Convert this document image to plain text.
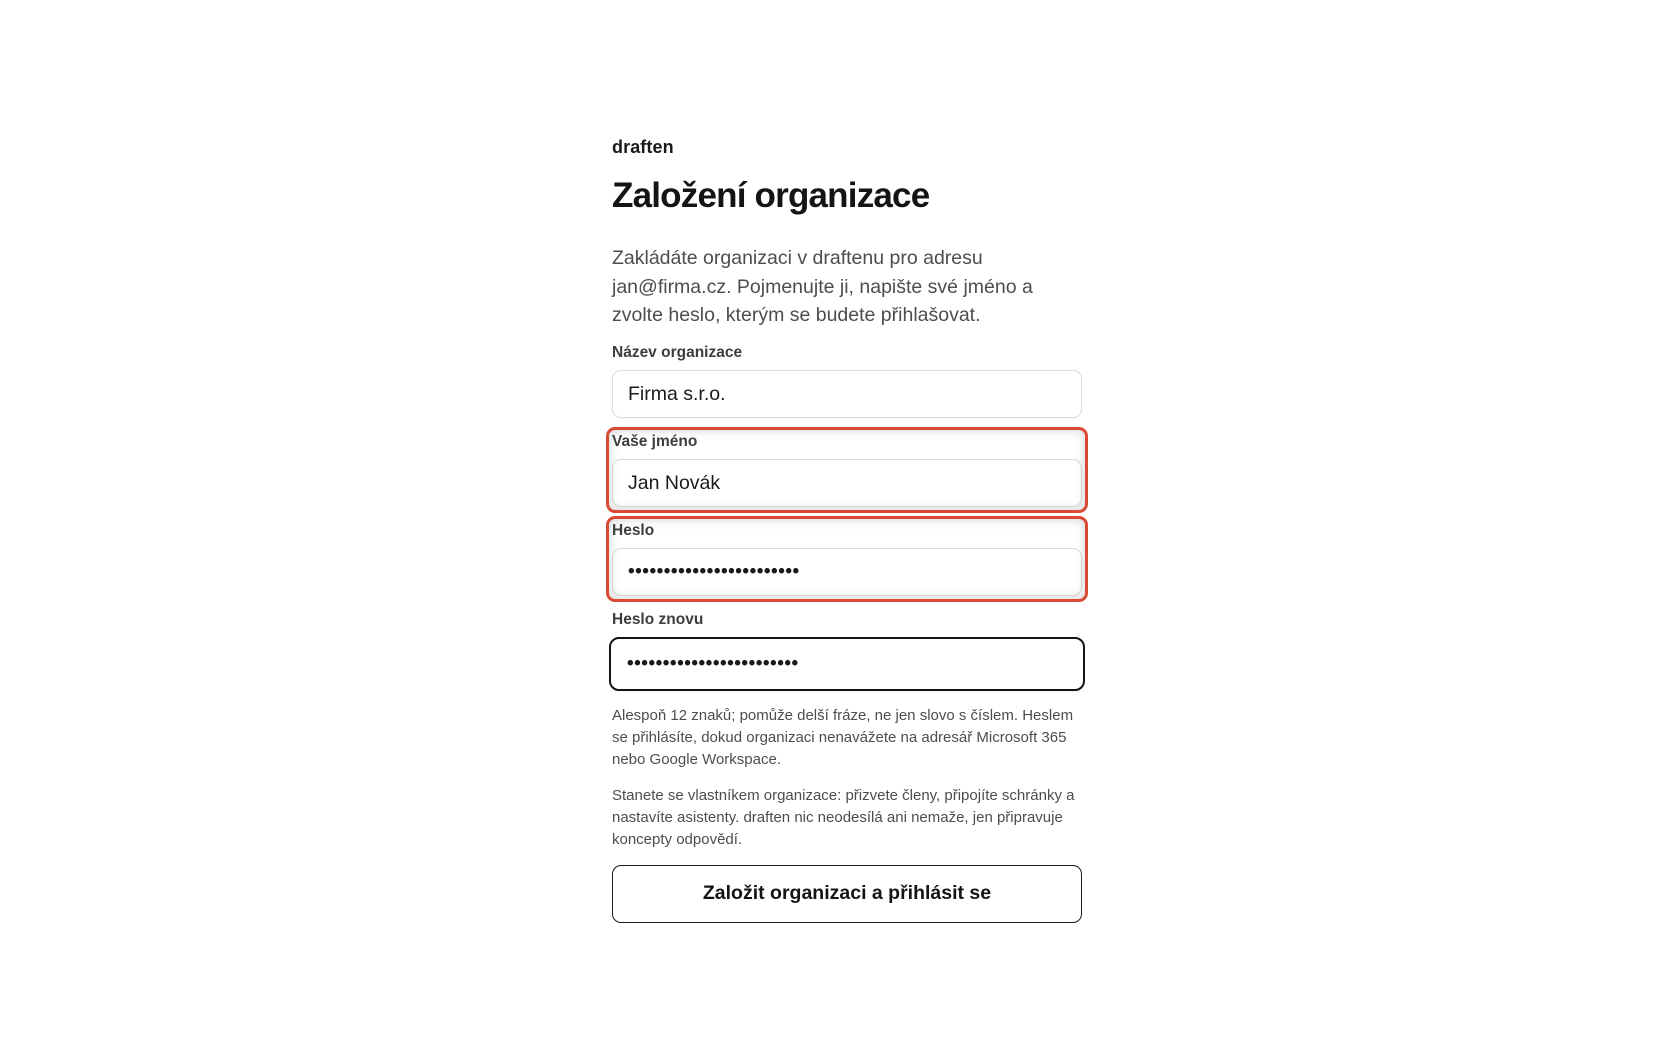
draften
Založení organizace
Zakládáte organizaci v draftenu pro adresu jan@firma.cz. Pojmenujte ji, napište své jméno a zvolte heslo, kterým se budete přihlašovat.
Název organizace
Firma s.r.o.
Vaše jméno
Jan Novák
Heslo
••••••••••••••••••••••••
Heslo znovu
••••••••••••••••••••••••
Alespoň 12 znaků; pomůže delší fráze, ne jen slovo s číslem. Heslem se přihlásíte, dokud organizaci nenavážete na adresář Microsoft 365 nebo Google Workspace.
Stanete se vlastníkem organizace: přizvete členy, připojíte schránky a nastavíte asistenty. draften nic neodesílá ani nemaže, jen připravuje koncepty odpovědí.
Založit organizaci a přihlásit se
